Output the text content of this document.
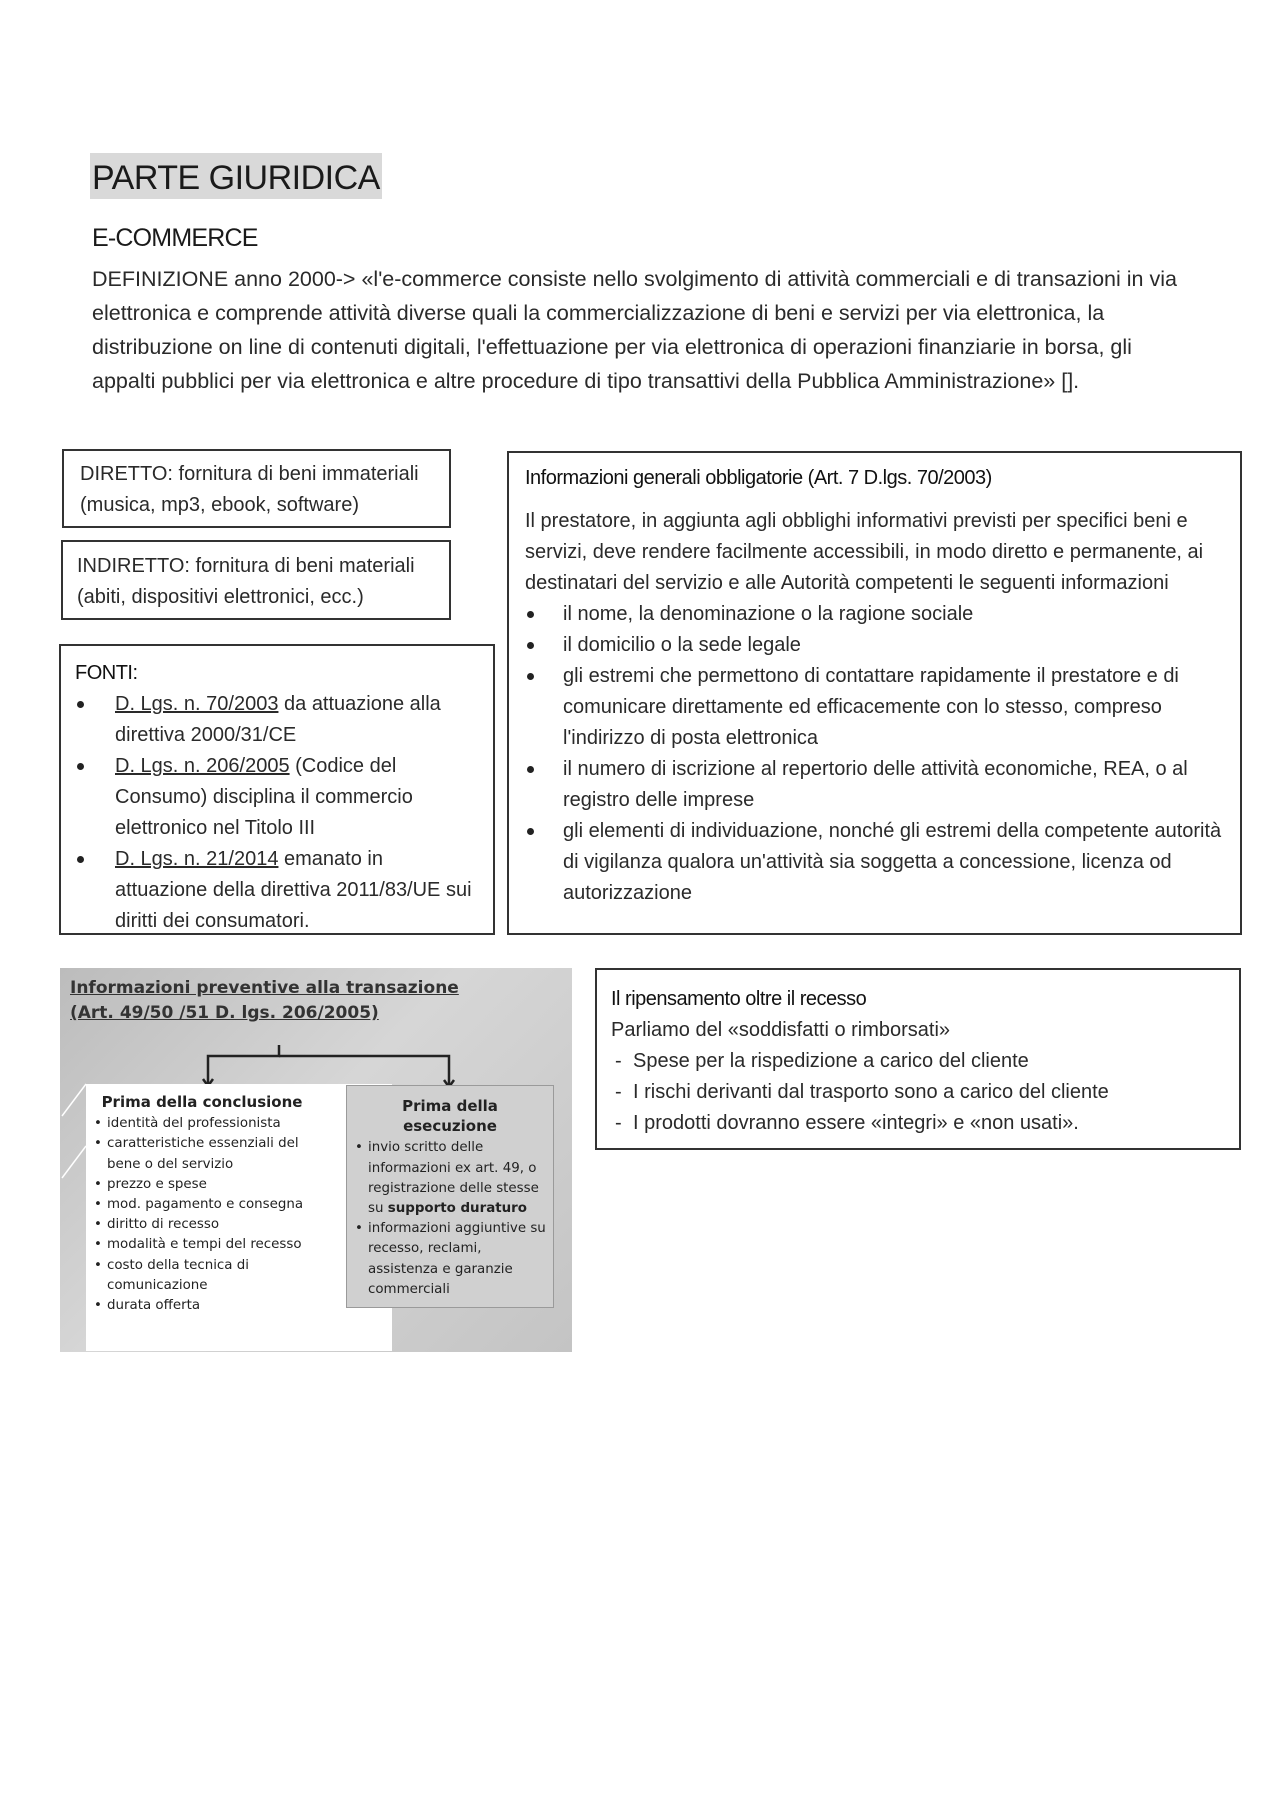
PARTE GIURIDICA
E-COMMERCE

DEFINIZIONE anno 2000-> «l'e-commerce consiste nello svolgimento di attività commerciali e di transazioni in via elettronica e comprende attività diverse quali la commercializzazione di beni e servizi per via elettronica, la distribuzione on line di contenuti digitali, l'effettuazione per via elettronica di operazioni finanziarie in borsa, gli appalti pubblici per via elettronica e altre procedure di tipo transattivi della Pubblica Amministrazione» [].

DIRETTO: fornitura di beni immateriali (musica, mp3, ebook, software)
INDIRETTO: fornitura di beni materiali (abiti, dispositivi elettronici, ecc.)
FONTI:
D. Lgs. n. 70/2003 da attuazione alla direttiva 2000/31/CE
D. Lgs. n. 206/2005 (Codice del Consumo) disciplina il commercio elettronico nel Titolo III
D. Lgs. n. 21/2014 emanato in attuazione della direttiva 2011/83/UE sui diritti dei consumatori.
Informazioni generali obbligatorie (Art. 7 D.lgs. 70/2003)
Il prestatore, in aggiunta agli obblighi informativi previsti per specifici beni e servizi, deve rendere facilmente accessibili, in modo diretto e permanente, ai destinatari del servizio e alle Autorità competenti le seguenti informazioni
il nome, la denominazione o la ragione sociale
il domicilio o la sede legale
gli estremi che permettono di contattare rapidamente il prestatore e di comunicare direttamente ed efficacemente con lo stesso, compreso l'indirizzo di posta elettronica
il numero di iscrizione al repertorio delle attività economiche, REA, o al registro delle imprese
gli elementi di individuazione, nonché gli estremi della competente autorità di vigilanza qualora un'attività sia soggetta a concessione, licenza od autorizzazione
Informazioni preventive alla transazione
(Art. 49/50 /51 D. lgs. 206/2005)
Prima della conclusione
• identità del professionista
• caratteristiche essenziali del bene o del servizio
• prezzo e spese
• mod. pagamento e consegna
• diritto di recesso
• modalità e tempi del recesso
• costo della tecnica di comunicazione
• durata offerta
Prima della esecuzione
• invio scritto delle informazioni ex art. 49, o registrazione delle stesse su supporto duraturo
• informazioni aggiuntive su recesso, reclami, assistenza e garanzie commerciali
Il ripensamento oltre il recesso
Parliamo del «soddisfatti o rimborsati»
- Spese per la rispedizione a carico del cliente
- I rischi derivanti dal trasporto sono a carico del cliente
- I prodotti dovranno essere «integri» e «non usati».
